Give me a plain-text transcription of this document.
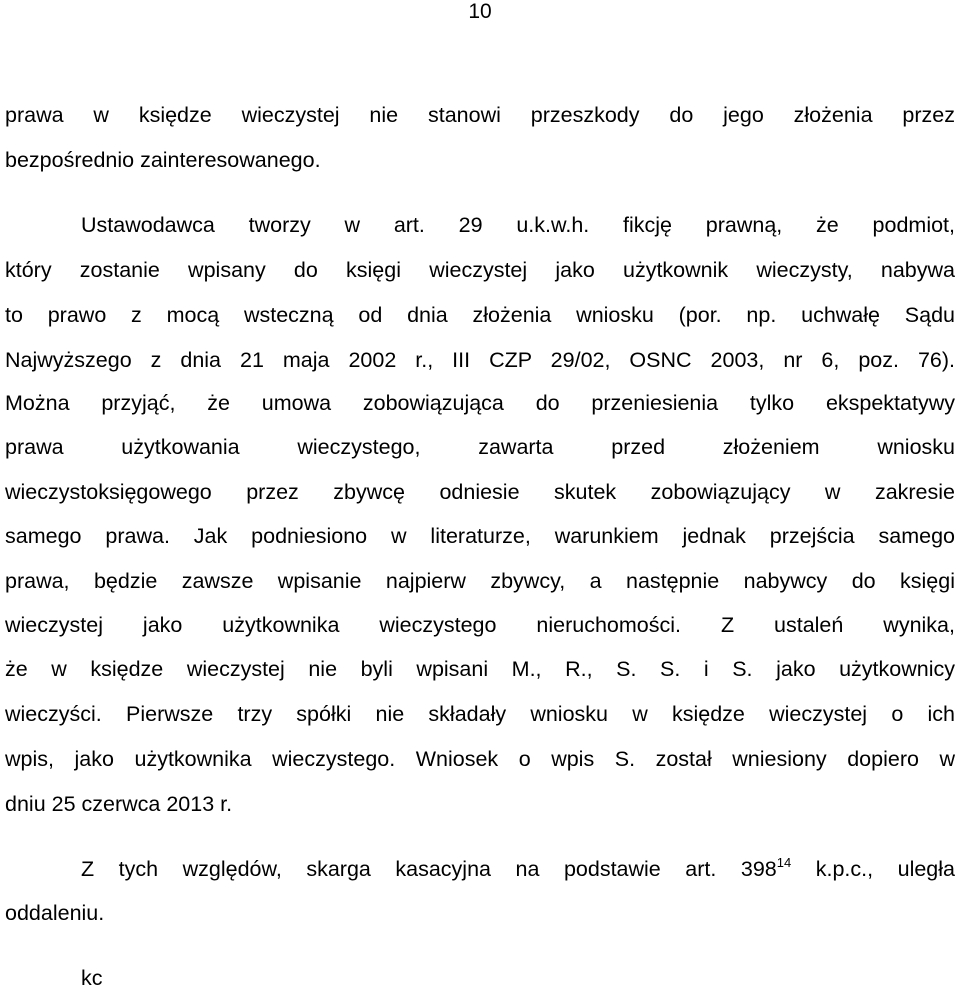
10
prawa w księdze wieczystej nie stanowi przeszkody do jego złożenia przez
bezpośrednio zainteresowanego.
Ustawodawca tworzy w art. 29 u.k.w.h. fikcję prawną, że podmiot,
który zostanie wpisany do księgi wieczystej jako użytkownik wieczysty, nabywa
to prawo z mocą wsteczną od dnia złożenia wniosku (por. np. uchwałę Sądu
Najwyższego z dnia 21 maja 2002 r., III CZP 29/02, OSNC 2003, nr 6, poz. 76).
Można przyjąć, że umowa zobowiązująca do przeniesienia tylko ekspektatywy
prawa użytkowania wieczystego, zawarta przed złożeniem wniosku
wieczystoksięgowego przez zbywcę odniesie skutek zobowiązujący w zakresie
samego prawa. Jak podniesiono w literaturze, warunkiem jednak przejścia samego
prawa, będzie zawsze wpisanie najpierw zbywcy, a następnie nabywcy do księgi
wieczystej jako użytkownika wieczystego nieruchomości. Z ustaleń wynika,
że w księdze wieczystej nie byli wpisani M., R., S. S. i S. jako użytkownicy
wieczyści. Pierwsze trzy spółki nie składały wniosku w księdze wieczystej o ich
wpis, jako użytkownika wieczystego. Wniosek o wpis S. został wniesiony dopiero w
dniu 25 czerwca 2013 r.
Z tych względów, skarga kasacyjna na podstawie art. $398^{14}$ k.p.c., uległa
oddaleniu.
kc
